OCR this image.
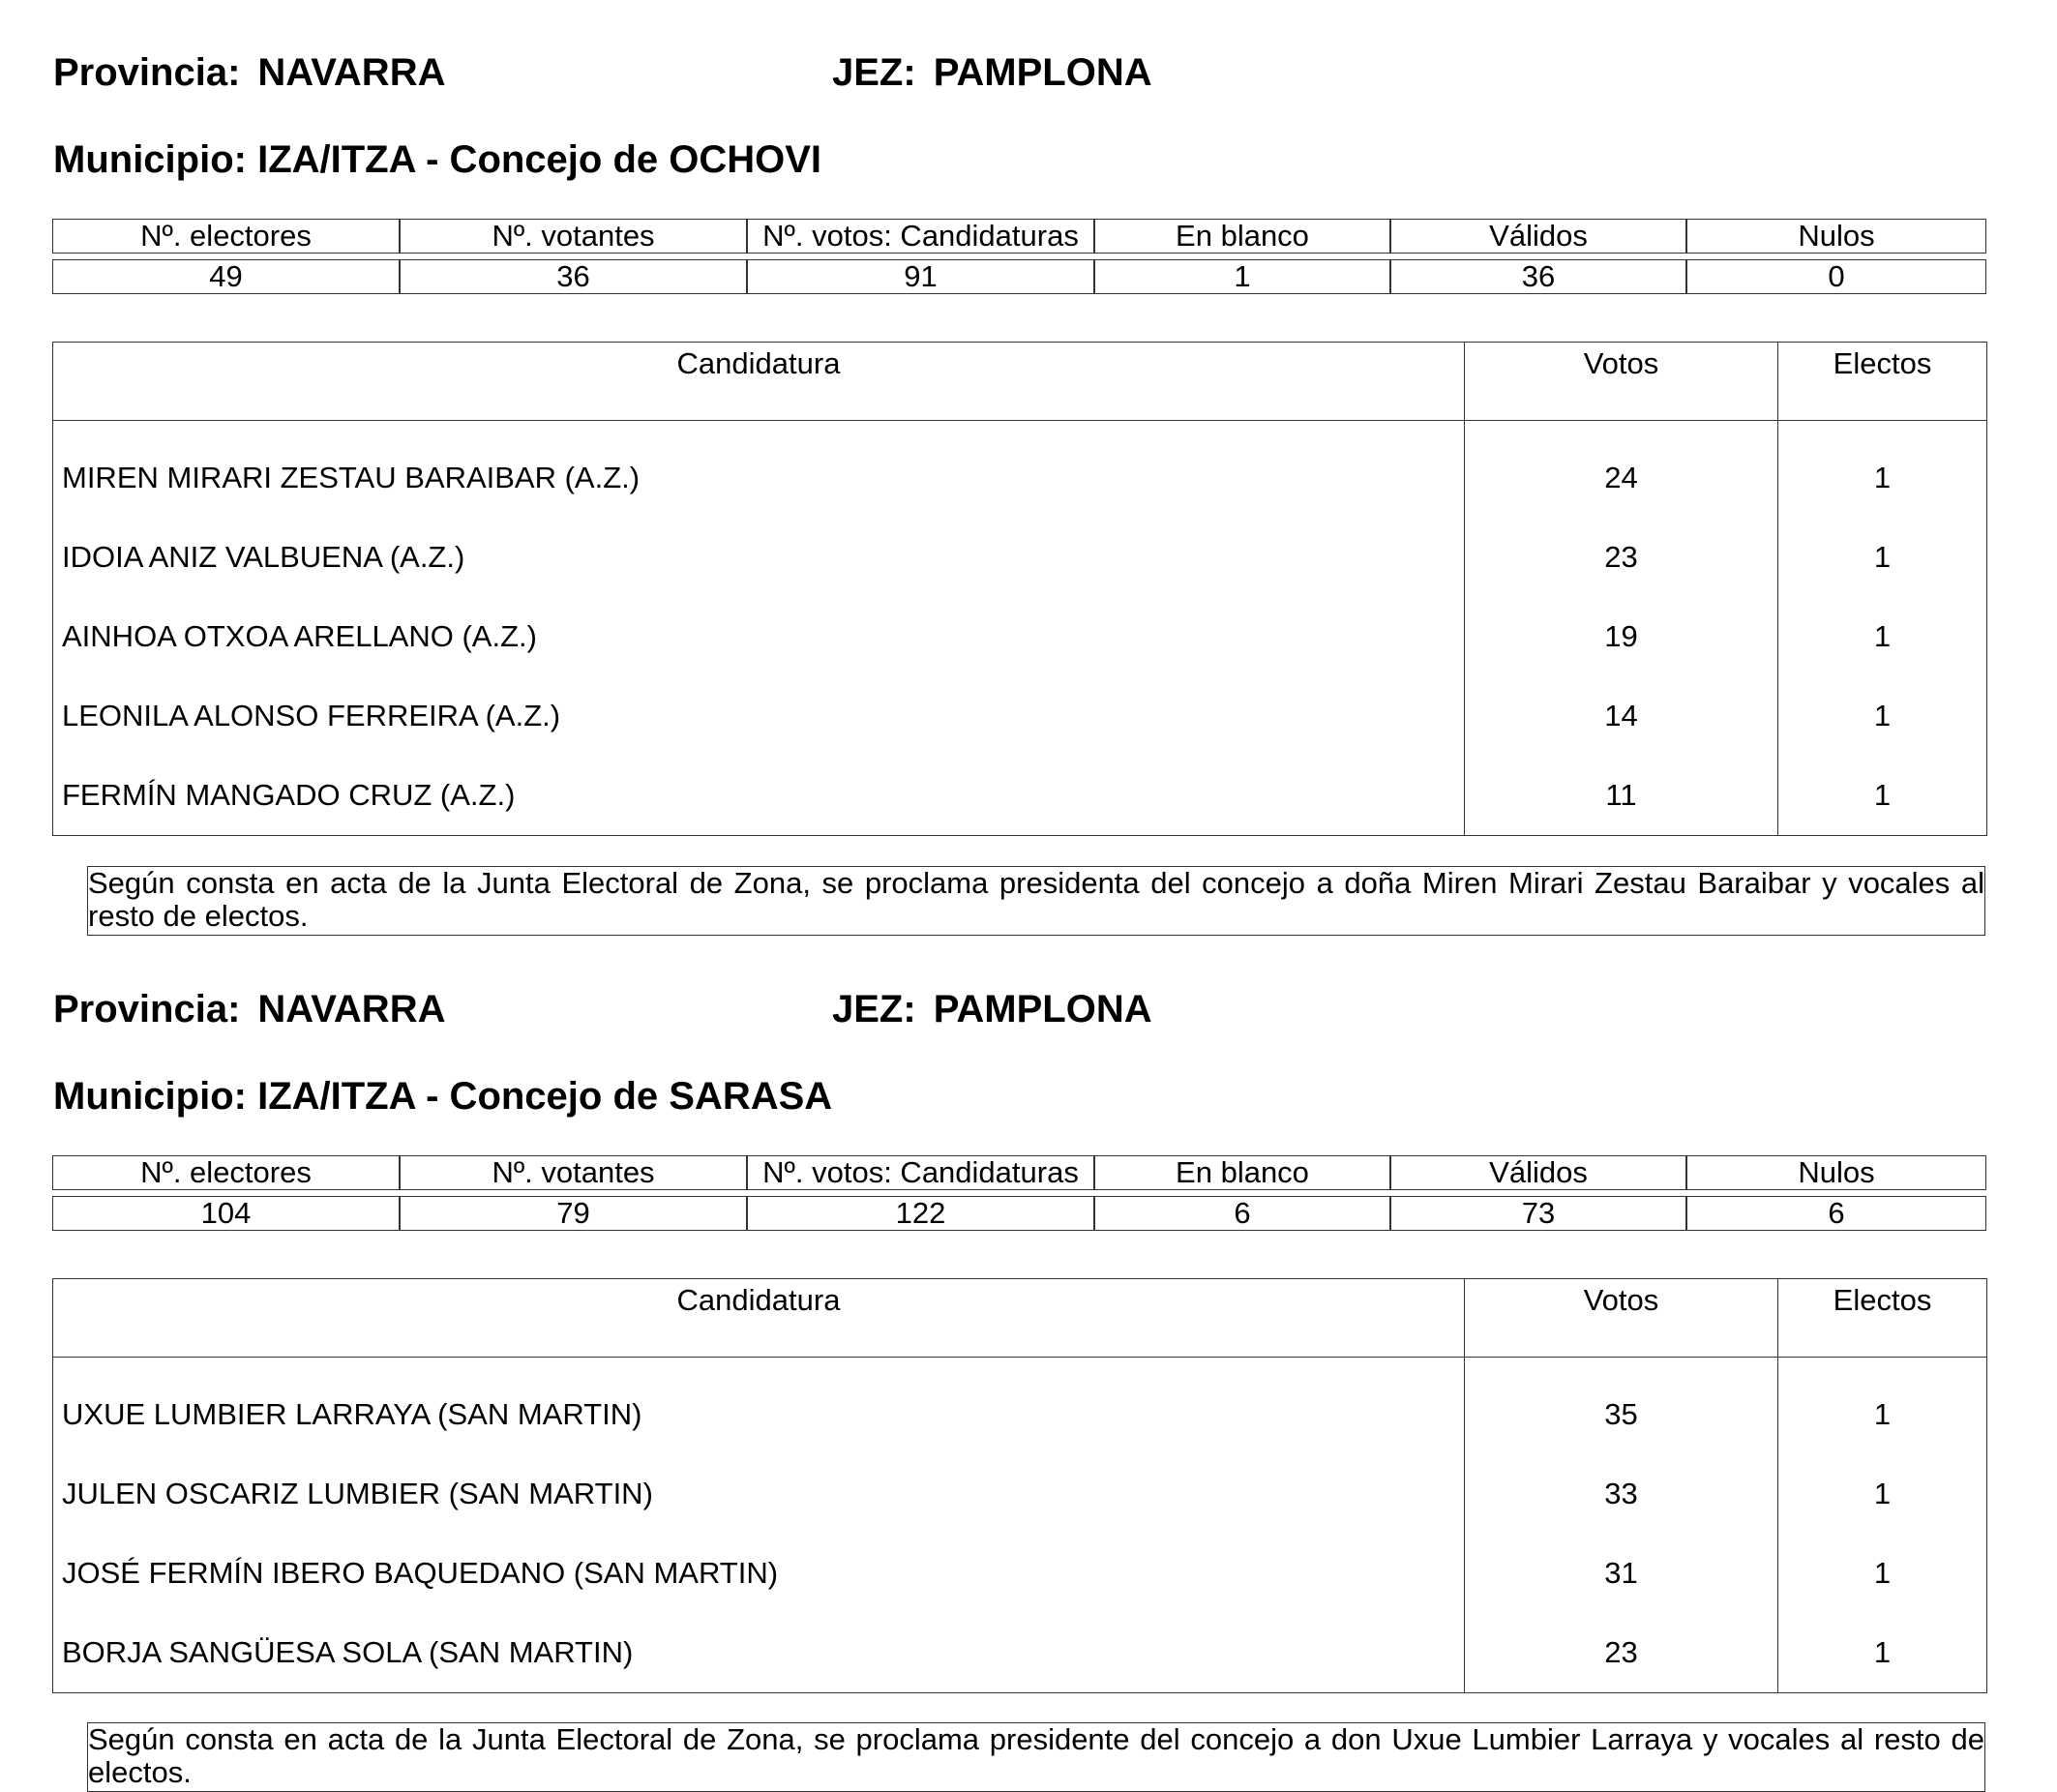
Provincia: NAVARRA	JEZ: PAMPLONA
Municipio: IZA/ITZA - Concejo de OCHOVI
Nº. electores	Nº. votantes	Nº. votos: Candidaturas	En blanco	Válidos	Nulos

49	36	91	1	36	0
Candidatura	Votos	Electos
MIREN MIRARI ZESTAU BARAIBAR (A.Z.)	24	1
IDOIA ANIZ VALBUENA (A.Z.)	23	1
AINHOA OTXOA ARELLANO (A.Z.)	19	1
LEONILA ALONSO FERREIRA (A.Z.)	14	1
FERMÍN MANGADO CRUZ (A.Z.)	11	1
Según consta en acta de la Junta Electoral de Zona, se proclama presidenta del concejo a doña Miren Mirari Zestau Baraibar y vocales al resto de electos.
Provincia: NAVARRA	JEZ: PAMPLONA
Municipio: IZA/ITZA - Concejo de SARASA
Nº. electores	Nº. votantes	Nº. votos: Candidaturas	En blanco	Válidos	Nulos

104	79	122	6	73	6
Candidatura	Votos	Electos
UXUE LUMBIER LARRAYA (SAN MARTIN)	35	1
JULEN OSCARIZ LUMBIER (SAN MARTIN)	33	1
JOSÉ FERMÍN IBERO BAQUEDANO (SAN MARTIN)	31	1
BORJA SANGÜESA SOLA (SAN MARTIN)	23	1
Según consta en acta de la Junta Electoral de Zona, se proclama presidente del concejo a don Uxue Lumbier Larraya y vocales al resto de electos.
